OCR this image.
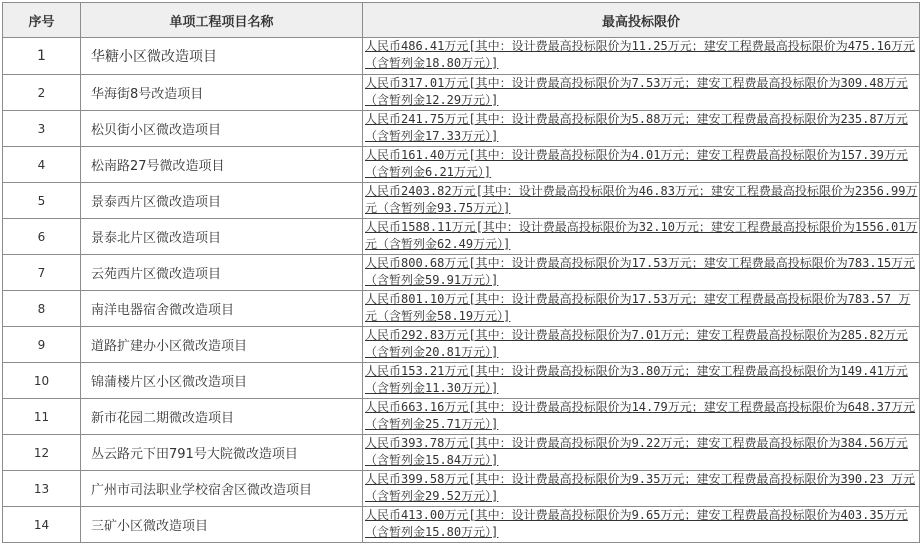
序号	单项工程项目名称	最高投标限价
1	华糖小区微改造项目	人民币486.41万元[其中：设计费最高投标限价为11.25万元；建安工程费最高投标限价为475.16万元（含暂列金18.80万元）]
2	华海街8号改造项目	人民币317.01万元[其中：设计费最高投标限价为7.53万元；建安工程费最高投标限价为309.48万元（含暂列金12.29万元）]
3	松贝街小区微改造项目	人民币241.75万元[其中：设计费最高投标限价为5.88万元；建安工程费最高投标限价为235.87万元（含暂列金17.33万元）]
4	松南路27号微改造项目	人民币161.40万元[其中：设计费最高投标限价为4.01万元；建安工程费最高投标限价为157.39万元（含暂列金6.21万元）]
5	景泰西片区微改造项目	人民币2403.82万元[其中：设计费最高投标限价为46.83万元；建安工程费最高投标限价为2356.99万元（含暂列金93.75万元）]
6	景泰北片区微改造项目	人民币1588.11万元[其中：设计费最高投标限价为32.10万元；建安工程费最高投标限价为1556.01万元（含暂列金62.49万元）]
7	云苑西片区微改造项目	人民币800.68万元[其中：设计费最高投标限价为17.53万元；建安工程费最高投标限价为783.15万元（含暂列金59.91万元）]
8	南洋电器宿舍微改造项目	人民币801.10万元[其中：设计费最高投标限价为17.53万元；建安工程费最高投标限价为783.57 万元（含暂列金58.19万元）]
9	道路扩建办小区微改造项目	人民币292.83万元[其中：设计费最高投标限价为7.01万元；建安工程费最高投标限价为285.82万元（含暂列金20.81万元）]
10	锦蒲楼片区小区微改造项目	人民币153.21万元[其中：设计费最高投标限价为3.80万元；建安工程费最高投标限价为149.41万元（含暂列金11.30万元）]
11	新市花园二期微改造项目	人民币663.16万元[其中：设计费最高投标限价为14.79万元；建安工程费最高投标限价为648.37万元（含暂列金25.71万元）]
12	丛云路元下田791号大院微改造项目	人民币393.78万元[其中：设计费最高投标限价为9.22万元；建安工程费最高投标限价为384.56万元（含暂列金15.84万元）]
13	广州市司法职业学校宿舍区微改造项目	人民币399.58万元[其中：设计费最高投标限价为9.35万元；建安工程费最高投标限价为390.23 万元（含暂列金29.52万元）]
14	三矿小区微改造项目	人民币413.00万元[其中：设计费最高投标限价为9.65万元；建安工程费最高投标限价为403.35万元（含暂列金15.80万元）]
